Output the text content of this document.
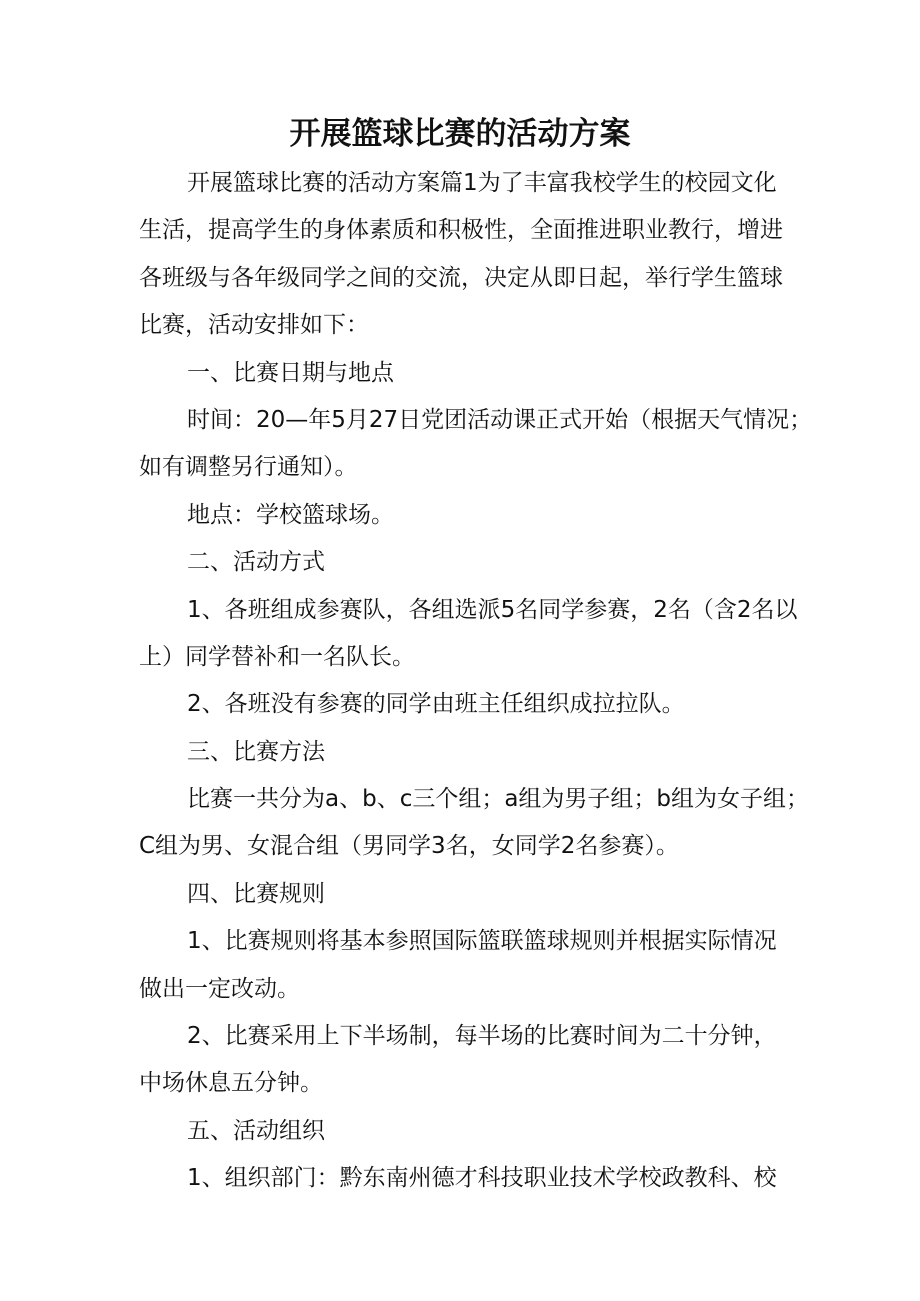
开展篮球比赛的活动方案
开展篮球比赛的活动方案篇1为了丰富我校学生的校园文化
生活，提高学生的身体素质和积极性，全面推进职业教行，增进
各班级与各年级同学之间的交流，决定从即日起，举行学生篮球
比赛，活动安排如下：
一、比赛日期与地点
时间：20—年5月27日党团活动课正式开始（根据天气情况；
如有调整另行通知）。
地点：学校篮球场。
二、活动方式
1、各班组成参赛队，各组选派5名同学参赛，2名（含2名以
上）同学替补和一名队长。
2、各班没有参赛的同学由班主任组织成拉拉队。
三、比赛方法
比赛一共分为a、b、c三个组；a组为男子组；b组为女子组；
C组为男、女混合组（男同学3名，女同学2名参赛）。
四、比赛规则
1、比赛规则将基本参照国际篮联篮球规则并根据实际情况
做出一定改动。
2、比赛采用上下半场制，每半场的比赛时间为二十分钟，
中场休息五分钟。
五、活动组织
1、组织部门：黔东南州德才科技职业技术学校政教科、校
